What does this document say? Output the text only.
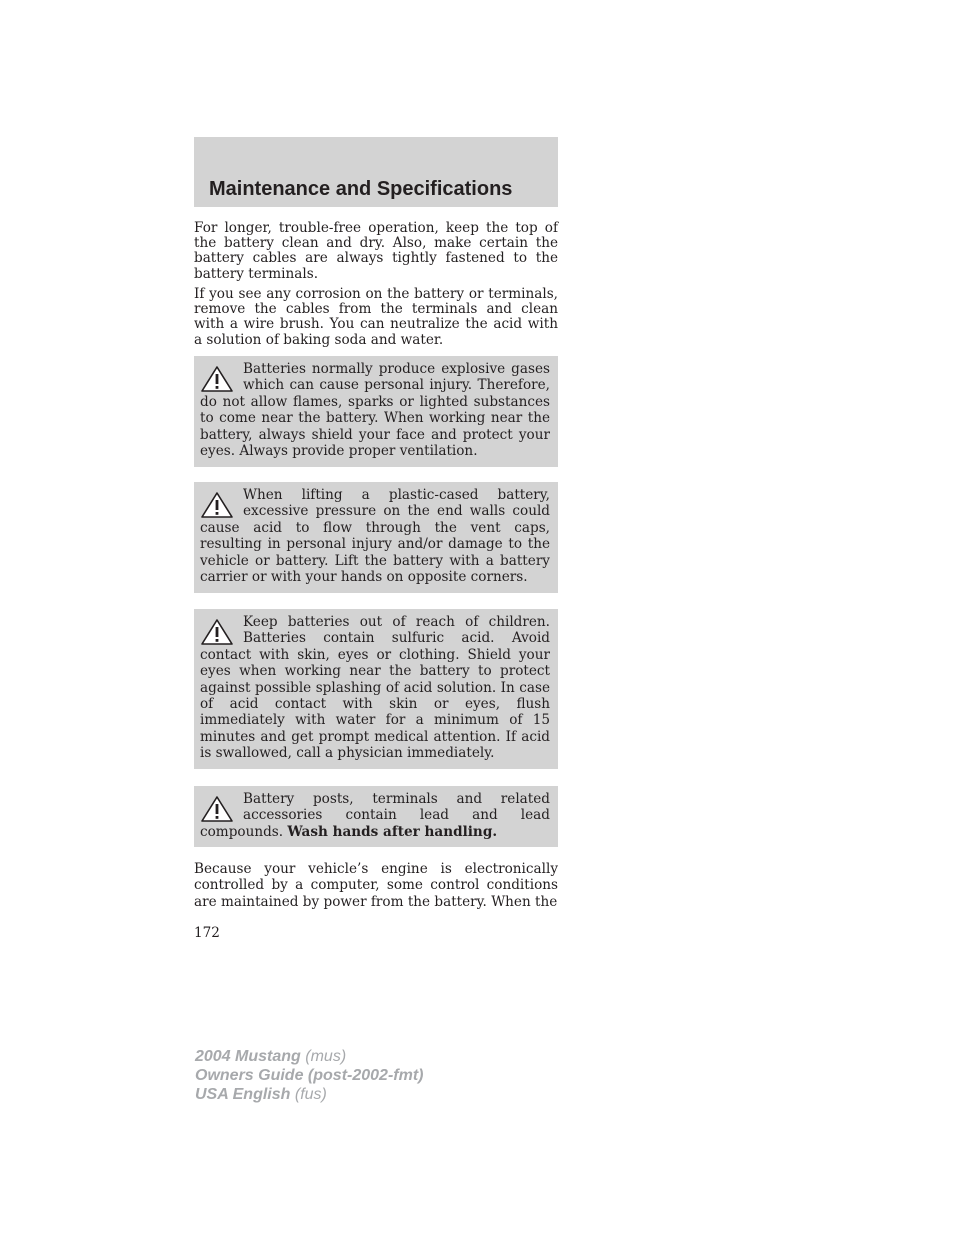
Maintenance and Specifications

For longer, trouble-free operation, keep the top of the battery clean and dry. Also, make certain the battery cables are always tightly fastened to the battery terminals.

If you see any corrosion on the battery or terminals, remove the cables from the terminals and clean with a wire brush. You can neutralize the acid with a solution of baking soda and water.

Batteries normally produce explosive gases which can cause personal injury. Therefore, do not allow flames, sparks or lighted substances to come near the battery. When working near the battery, always shield your face and protect your eyes. Always provide proper ventilation.

When lifting a plastic-cased battery, excessive pressure on the end walls could cause acid to flow through the vent caps, resulting in personal injury and/or damage to the vehicle or battery. Lift the battery with a battery carrier or with your hands on opposite corners.

Keep batteries out of reach of children. Batteries contain sulfuric acid. Avoid contact with skin, eyes or clothing. Shield your eyes when working near the battery to protect against possible splashing of acid solution. In case of acid contact with skin or eyes, flush immediately with water for a minimum of 15 minutes and get prompt medical attention. If acid is swallowed, call a physician immediately.

Battery posts, terminals and related accessories contain lead and lead compounds. Wash hands after handling.

Because your vehicle’s engine is electronically controlled by a computer, some control conditions are maintained by power from the battery. When the

172

2004 Mustang (mus)
Owners Guide (post-2002-fmt)
USA English (fus)
